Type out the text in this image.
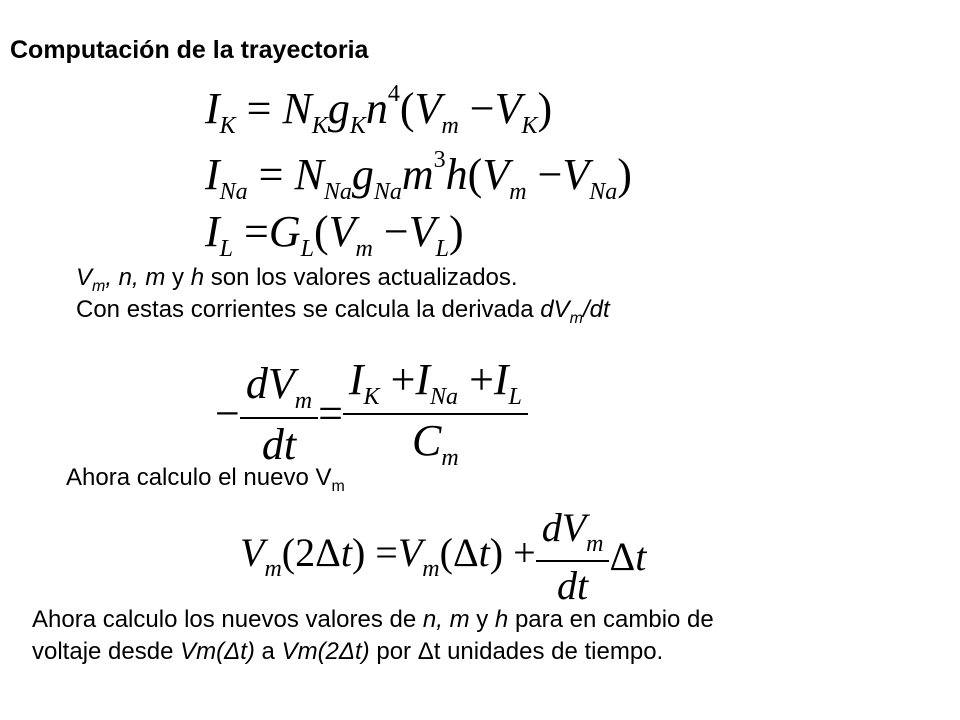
Computación de la trayectoria
$I_K = N_Kg_Kn^4(V_m -V_K)$
$I_{Na} = N_{Na}g_{Na}m^3h(V_m -V_{Na})$
$I_L =G_L(V_m -V_L)$
$V_m$, n, m y h son los valores actualizados.
Con estas corrientes se calcula la derivada $dV_m/dt$
− $\frac{dV_m}{dt} = \frac{I_K +I_{Na} +I_L}{C_m}$
Ahora calculo el nuevo $V_m$
$V_m(2\Delta t) =V_m(\Delta t) + \frac{dV_m}{dt}$ Δt
Ahora calculo los nuevos valores de n, m y h para en cambio de
voltaje desde Vm(Δt) a Vm(2Δt) por Δt unidades de tiempo.
